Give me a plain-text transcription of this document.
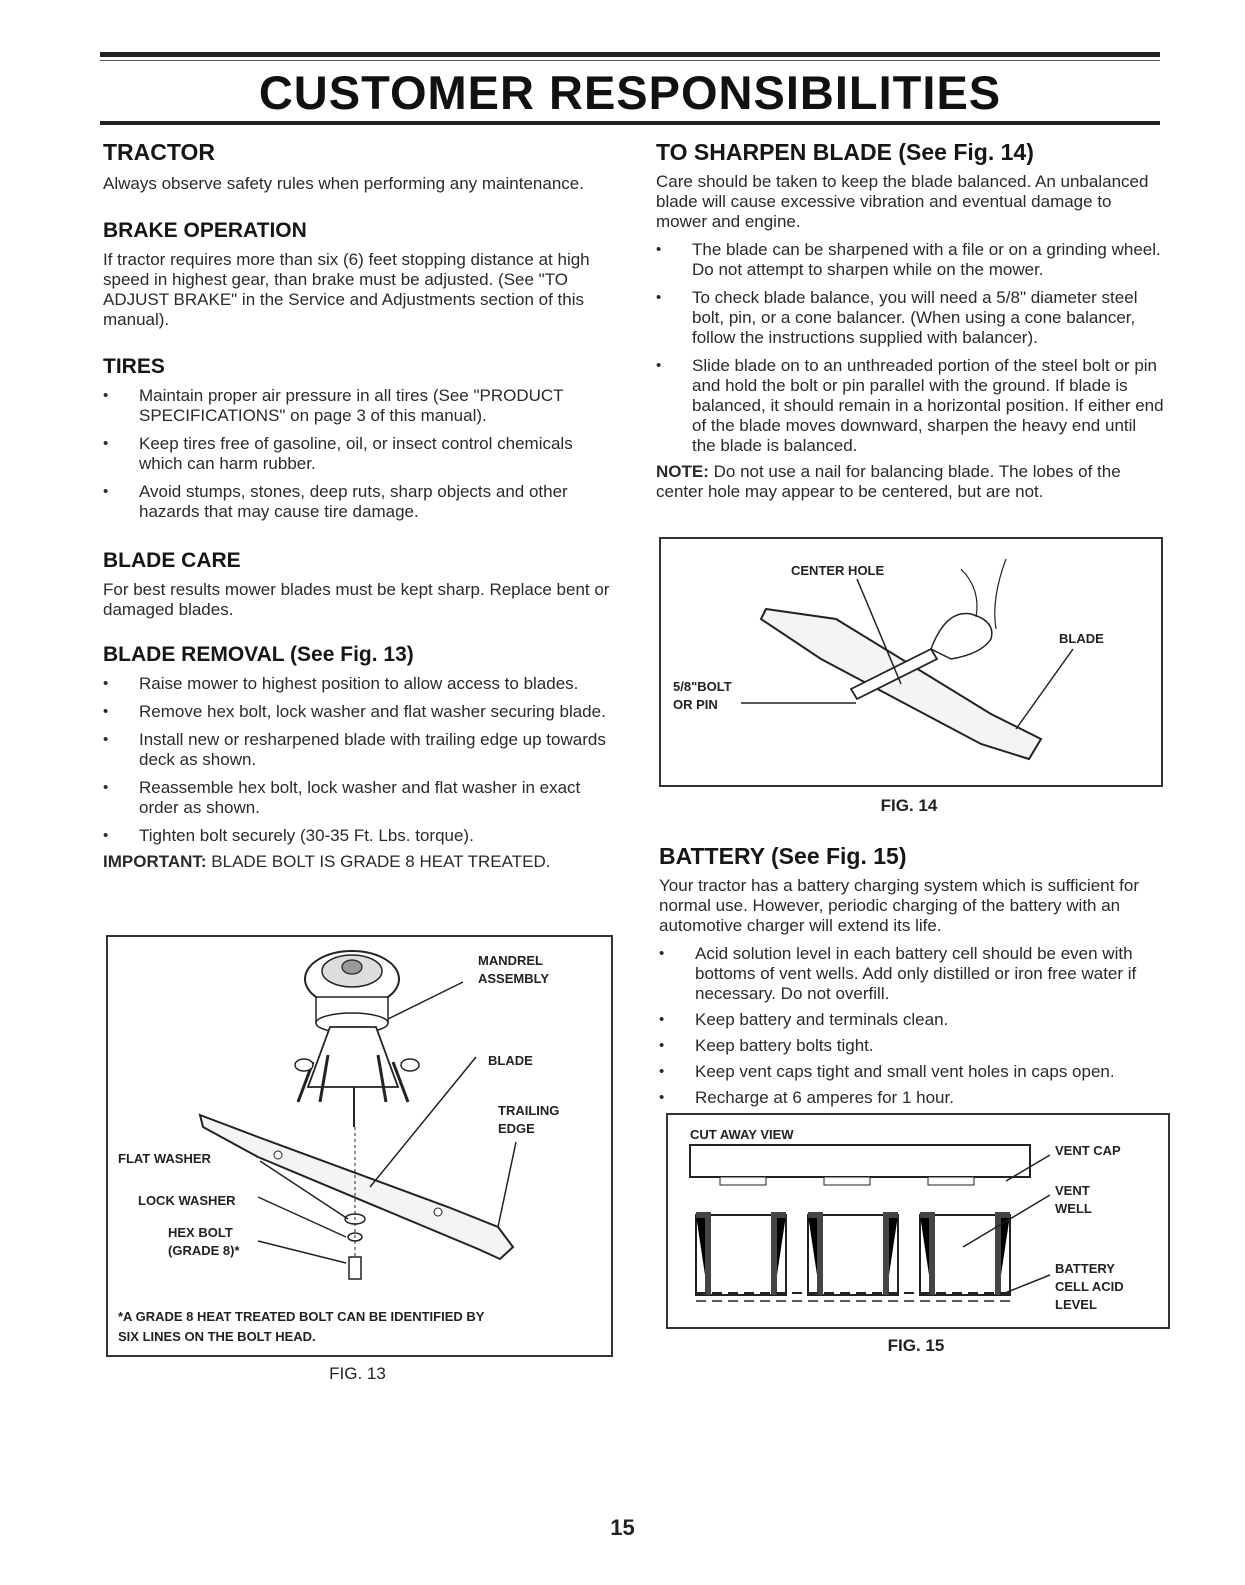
CUSTOMER RESPONSIBILITIES
TRACTOR

Always observe safety rules when performing any maintenance.

BRAKE OPERATION

If tractor requires more than six (6) feet stopping distance at high speed in highest gear, than brake must be adjusted. (See "TO ADJUST BRAKE" in the Service and Adjustments section of this manual).

TIRES
• Maintain proper air pressure in all tires (See "PRODUCT SPECIFICATIONS" on page 3 of this manual).
• Keep tires free of gasoline, oil, or insect control chemicals which can harm rubber.
• Avoid stumps, stones, deep ruts, sharp objects and other hazards that may cause tire damage.
BLADE CARE

For best results mower blades must be kept sharp. Replace bent or damaged blades.

BLADE REMOVAL (See Fig. 13)
• Raise mower to highest position to allow access to blades.
• Remove hex bolt, lock washer and flat washer securing blade.
• Install new or resharpened blade with trailing edge up towards deck as shown.
• Reassemble hex bolt, lock washer and flat washer in exact order as shown.
• Tighten bolt securely (30-35 Ft. Lbs. torque).

IMPORTANT: BLADE BOLT IS GRADE 8 HEAT TREATED.

MANDREL
ASSEMBLY
BLADE
TRAILING
EDGE
FLAT WASHER
LOCK WASHER
HEX BOLT
(GRADE 8)*
*A GRADE 8 HEAT TREATED BOLT CAN BE IDENTIFIED BY
SIX LINES ON THE BOLT HEAD.
FIG. 13
TO SHARPEN BLADE (See Fig. 14)

Care should be taken to keep the blade balanced. An unbalanced blade will cause excessive vibration and eventual damage to mower and engine.

• The blade can be sharpened with a file or on a grinding wheel. Do not attempt to sharpen while on the mower.
• To check blade balance, you will need a 5/8" diameter steel bolt, pin, or a cone balancer. (When using a cone balancer, follow the instructions supplied with balancer).
• Slide blade on to an unthreaded portion of the steel bolt or pin and hold the bolt or pin parallel with the ground. If blade is balanced, it should remain in a horizontal position. If either end of the blade moves downward, sharpen the heavy end until the blade is balanced.

NOTE: Do not use a nail for balancing blade. The lobes of the center hole may appear to be centered, but are not.

CENTER HOLE
BLADE
5/8"BOLT
OR PIN
FIG. 14
BATTERY (See Fig. 15)

Your tractor has a battery charging system which is sufficient for normal use. However, periodic charging of the battery with an automotive charger will extend its life.

• Acid solution level in each battery cell should be even with bottoms of vent wells. Add only distilled or iron free water if necessary. Do not overfill.
• Keep battery and terminals clean.
• Keep battery bolts tight.
• Keep vent caps tight and small vent holes in caps open.
• Recharge at 6 amperes for 1 hour.
CUT AWAY VIEW
VENT CAP
VENT
WELL
BATTERY
CELL ACID
LEVEL
FIG. 15
15
